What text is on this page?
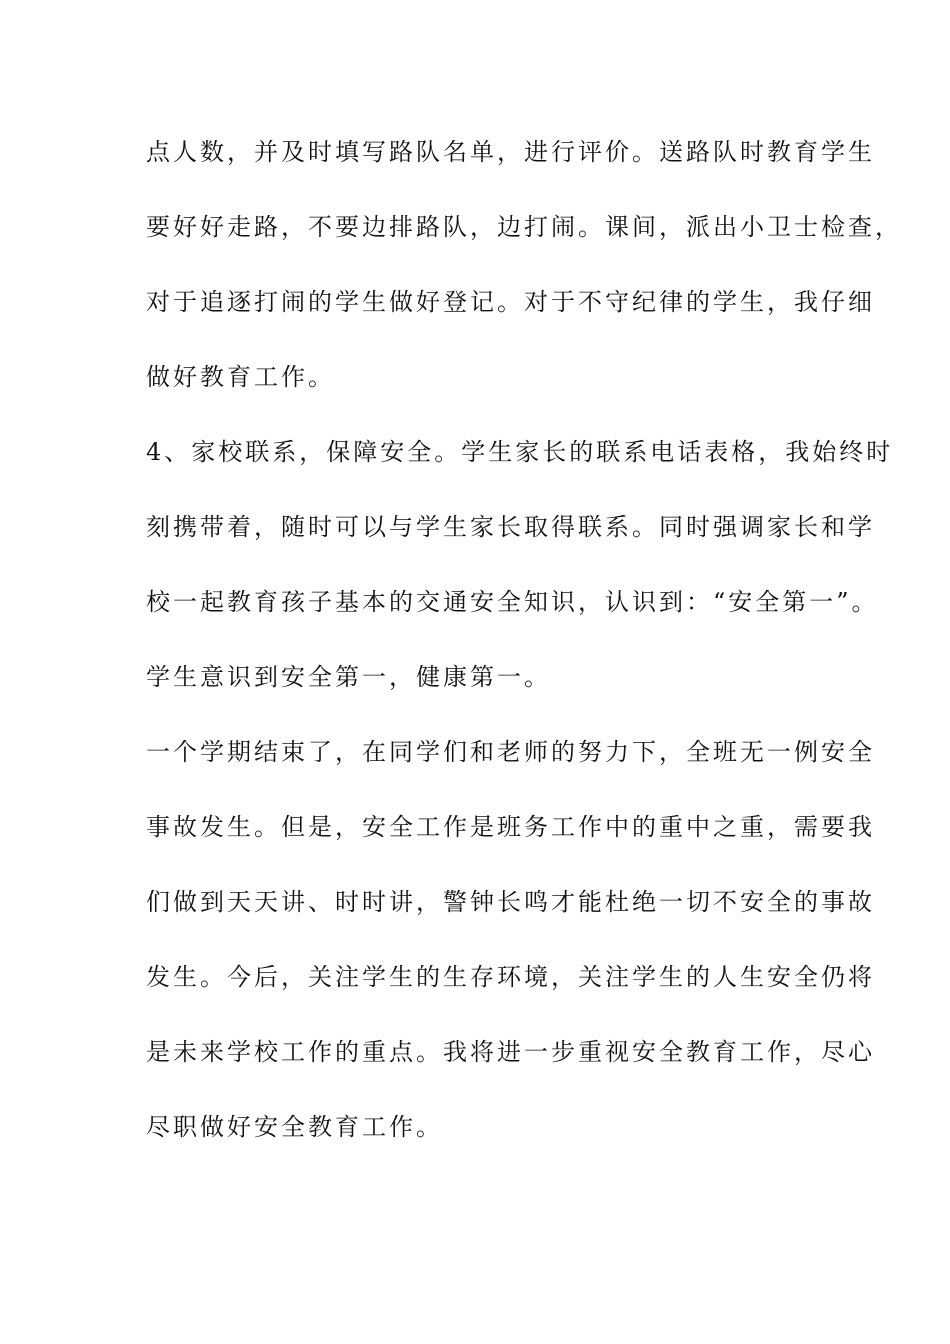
点人数，并及时填写路队名单，进行评价。送路队时教育学生
要好好走路，不要边排路队，边打闹。课间，派出小卫士检查，
对于追逐打闹的学生做好登记。对于不守纪律的学生，我仔细
做好教育工作。
4、家校联系，保障安全。学生家长的联系电话表格，我始终时
刻携带着，随时可以与学生家长取得联系。同时强调家长和学
校一起教育孩子基本的交通安全知识，认识到：“安全第一”。
学生意识到安全第一，健康第一。
一个学期结束了，在同学们和老师的努力下，全班无一例安全
事故发生。但是，安全工作是班务工作中的重中之重，需要我
们做到天天讲、时时讲，警钟长鸣才能杜绝一切不安全的事故
发生。今后，关注学生的生存环境，关注学生的人生安全仍将
是未来学校工作的重点。我将进一步重视安全教育工作，尽心
尽职做好安全教育工作。
